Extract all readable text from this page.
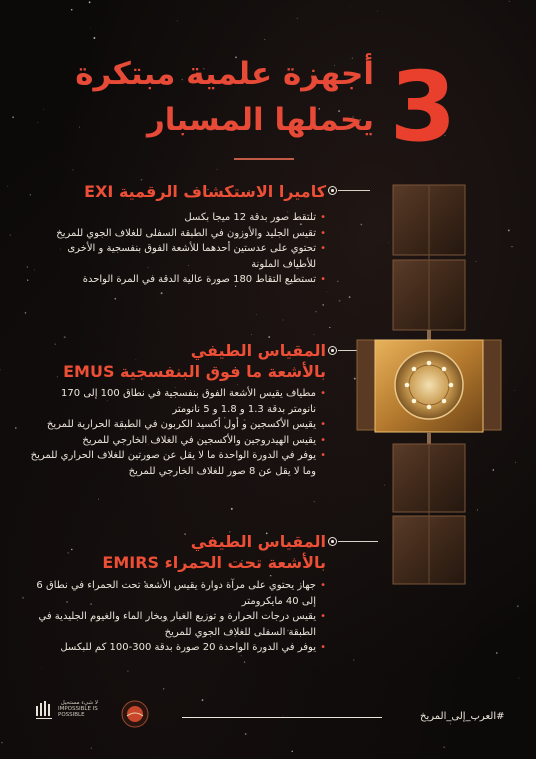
3
أجهزة علمية مبتكرة
يحملها المسبار
كاميرا الاستكشاف الرقمية EXI
• تلتقط صور بدقة 12 ميجا بكسل
• تقيس الجليد والأوزون في الطبقة السفلى للغلاف الجوي للمريخ
• تحتوي على عدستين أحدهما للأشعة الفوق بنفسجية و الأخرى للأطياف الملونة
• تستطيع التقاط 180 صورة عالية الدقة في المرة الواحدة
المقياس الطيفي
بالأشعة ما فوق البنفسجية EMUS
• مطياف يقيس الأشعة الفوق بنفسجية في نطاق 100 إلى 170 نانومتر بدقة 1.3 و 1.8 و 5 نانومتر
• يقيس الأكسجين و أول أكسيد الكربون في الطبقة الحرارية للمريخ
• يقيس الهيدروجين والأكسجين في الغلاف الخارجي للمريخ
• يوفر في الدورة الواحدة ما لا يقل عن صورتين للغلاف الحراري للمريخ وما لا يقل عن 8 صور للغلاف الخارجي للمريخ
المقياس الطيفي
بالأشعة تحت الحمراء EMIRS
• جهاز يحتوي على مرآة دوارة يقيس الأشعة تحت الحمراء في نطاق 6 إلى 40 مايكرومتر
• يقيس درجات الحرارة و توزيع الغبار وبخار الماء والغيوم الجليدية في الطبقة السفلى للغلاف الجوي للمريخ
• يوفر في الدورة الواحدة 20 صورة بدقة 300-100 كم للبكسل
#العرب_إلى_المريخ
لا شيء مستحيل
IMPOSSIBLE IS POSSIBLE
